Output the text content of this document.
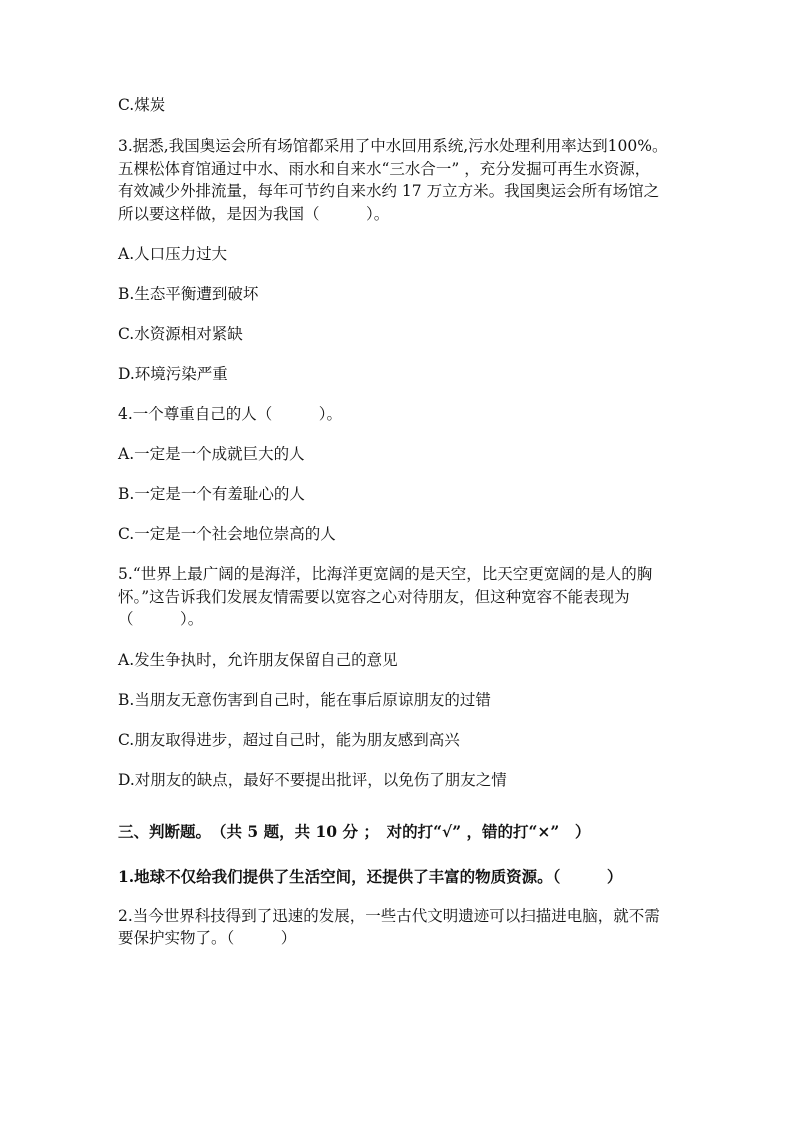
C.煤炭
3.据悉,我国奥运会所有场馆都采用了中水回用系统,污水处理利用率达到100%。
五棵松体育馆通过中水、雨水和自来水“三水合一” ，充分发掘可再生水资源，
有效减少外排流量，每年可节约自来水约 17 万立方米。我国奥运会所有场馆之
所以要这样做，是因为我国（　　　）。
A.人口压力过大
B.生态平衡遭到破坏
C.水资源相对紧缺
D.环境污染严重
4.一个尊重自己的人（　　　）。
A.一定是一个成就巨大的人
B.一定是一个有羞耻心的人
C.一定是一个社会地位崇高的人
5.“世界上最广阔的是海洋，比海洋更宽阔的是天空，比天空更宽阔的是人的胸
怀。”这告诉我们发展友情需要以宽容之心对待朋友，但这种宽容不能表现为
（　　　）。
A.发生争执时，允许朋友保留自己的意见
B.当朋友无意伤害到自己时，能在事后原谅朋友的过错
C.朋友取得进步，超过自己时，能为朋友感到高兴
D.对朋友的缺点，最好不要提出批评，以免伤了朋友之情
三、判断题。　（共 5 题，共 10 分 ；　对的打“√” ，错的打“×”　）
1.地球不仅给我们提供了生活空间，还提供了丰富的物质资源。（　　　）
2.当今世界科技得到了迅速的发展，一些古代文明遗迹可以扫描进电脑，就不需
要保护实物了。（　　　）
